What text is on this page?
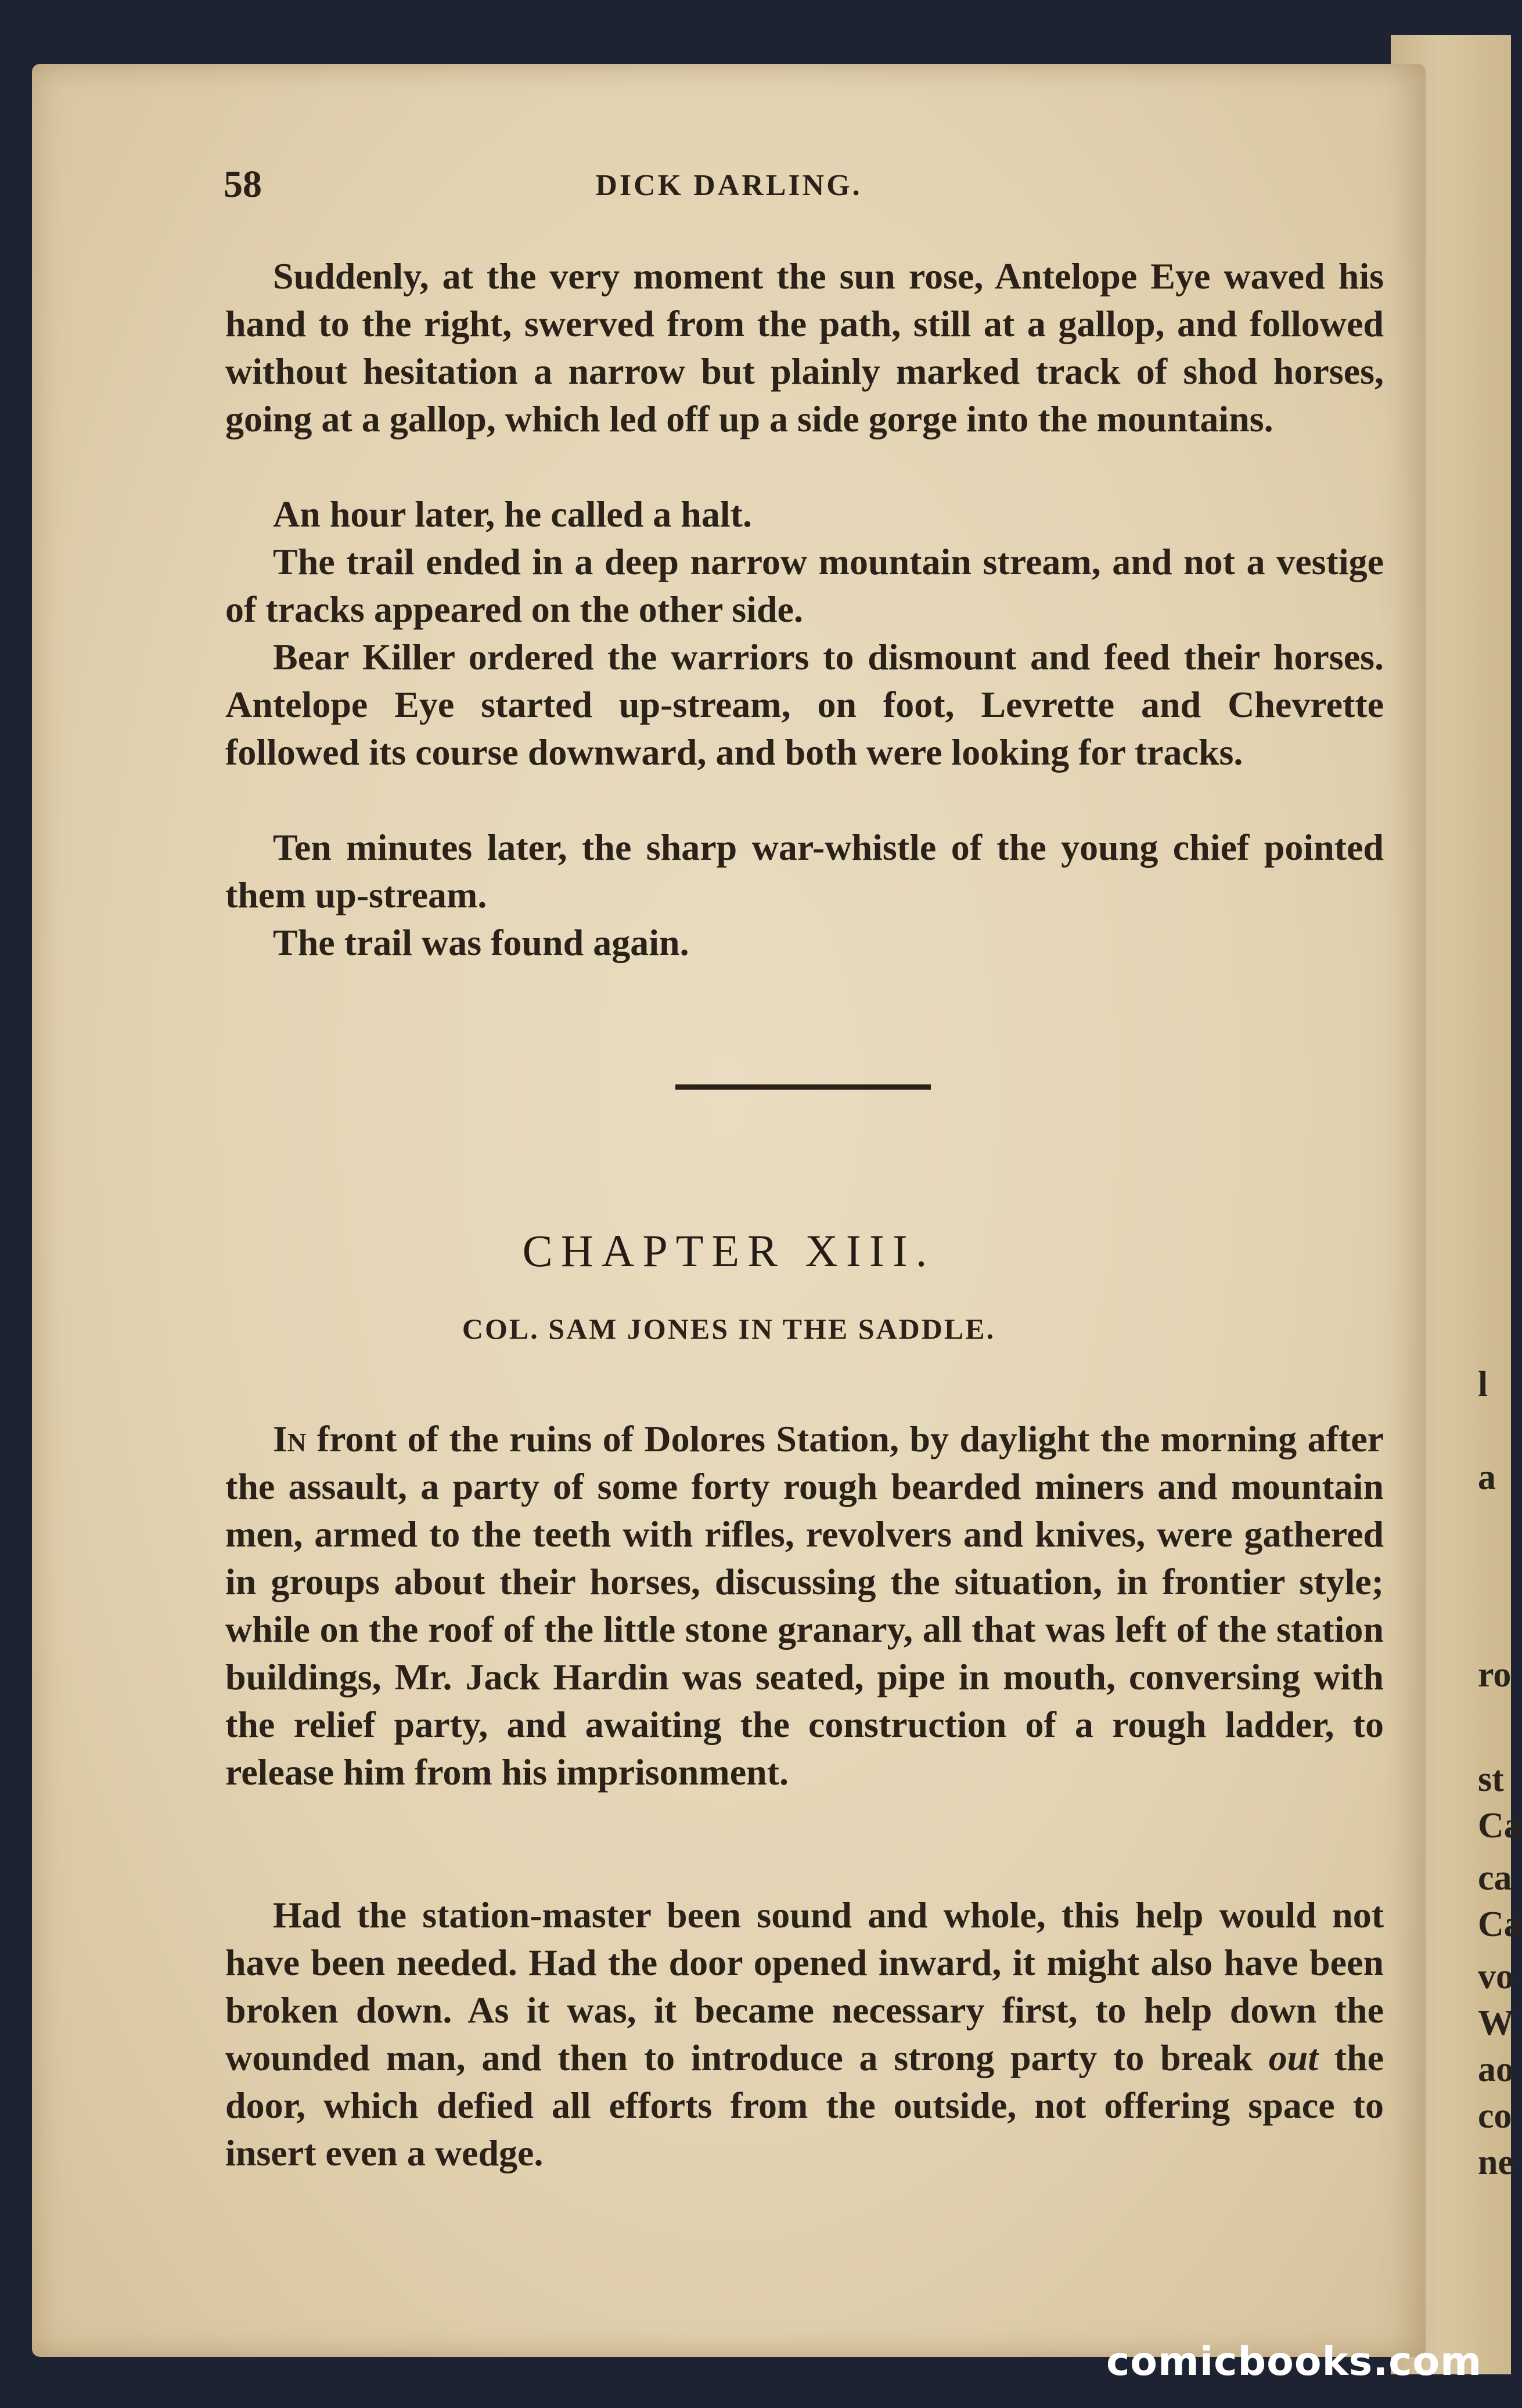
l
a
ro
st
Ca
ca
Ca
vo
W
ao
co
ne
58	DICK DARLING.

Suddenly, at the very moment the sun rose, Antelope Eye waved his hand to the right, swerved from the path, still at a gallop, and followed without hesitation a narrow but plainly marked track of shod horses, going at a gallop, which led off up a side gorge into the mountains.

An hour later, he called a halt.

The trail ended in a deep narrow mountain stream, and not a vestige of tracks appeared on the other side.

Bear Killer ordered the warriors to dismount and feed their horses. Antelope Eye started up-stream, on foot, Levrette and Chevrette followed its course downward, and both were looking for tracks.

Ten minutes later, the sharp war-whistle of the young chief pointed them up-stream.

The trail was found again.

CHAPTER XIII.
COL. SAM JONES IN THE SADDLE.

In front of the ruins of Dolores Station, by daylight the morning after the assault, a party of some forty rough bearded miners and mountain men, armed to the teeth with rifles, revolvers and knives, were gathered in groups about their horses, discussing the situation, in frontier style; while on the roof of the little stone granary, all that was left of the station buildings, Mr. Jack Hardin was seated, pipe in mouth, conversing with the relief party, and awaiting the construction of a rough ladder, to release him from his imprisonment.

Had the station-master been sound and whole, this help would not have been needed. Had the door opened inward, it might also have been broken down. As it was, it became necessary first, to help down the wounded man, and then to introduce a strong party to break out the door, which defied all efforts from the outside, not offering space to insert even a wedge.

comicbooks.com
